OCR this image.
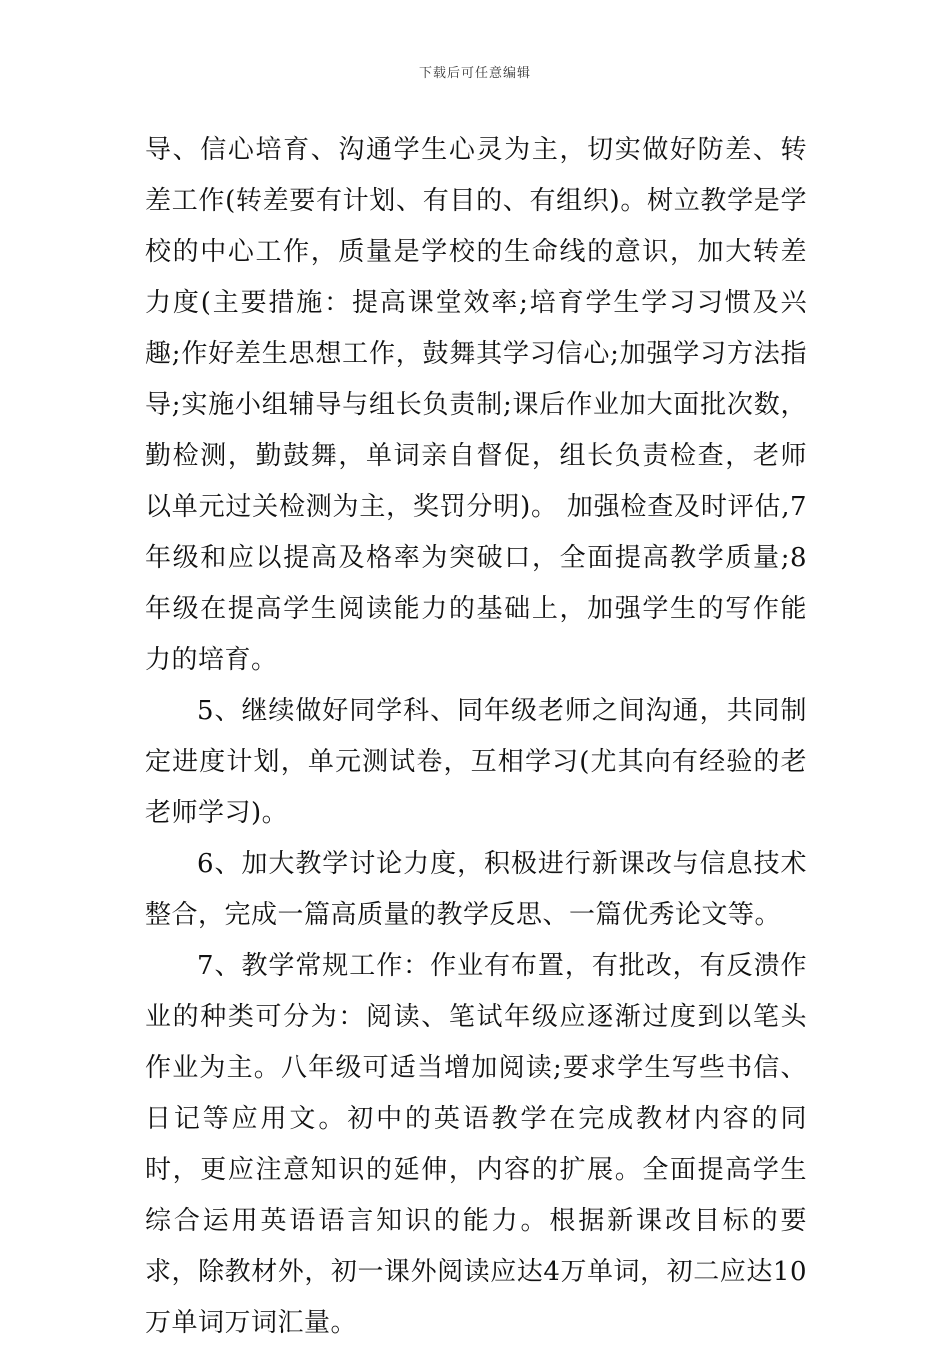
下载后可任意编辑

导、信心培育、沟通学生心灵为主，切实做好防差、转差工作(转差要有计划、有目的、有组织)。树立教学是学校的中心工作，质量是学校的生命线的意识，加大转差力度(主要措施：提高课堂效率;培育学生学习习惯及兴趣;作好差生思想工作，鼓舞其学习信心;加强学习方法指导;实施小组辅导与组长负责制;课后作业加大面批次数，勤检测，勤鼓舞，单词亲自督促，组长负责检查，老师以单元过关检测为主，奖罚分明)。 加强检查及时评估,7年级和应以提高及格率为突破口，全面提高教学质量;8年级在提高学生阅读能力的基础上，加强学生的写作能力的培育。

5、继续做好同学科、同年级老师之间沟通，共同制定进度计划，单元测试卷，互相学习(尤其向有经验的老老师学习)。

6、加大教学讨论力度，积极进行新课改与信息技术整合，完成一篇高质量的教学反思、一篇优秀论文等。

7、教学常规工作：作业有布置，有批改，有反溃作业的种类可分为：阅读、笔试年级应逐渐过度到以笔头作业为主。八年级可适当增加阅读;要求学生写些书信、日记等应用文。初中的英语教学在完成教材内容的同时，更应注意知识的延伸，内容的扩展。全面提高学生综合运用英语语言知识的能力。根据新课改目标的要求，除教材外，初一课外阅读应达4万单词，初二应达10万单词万词汇量。
